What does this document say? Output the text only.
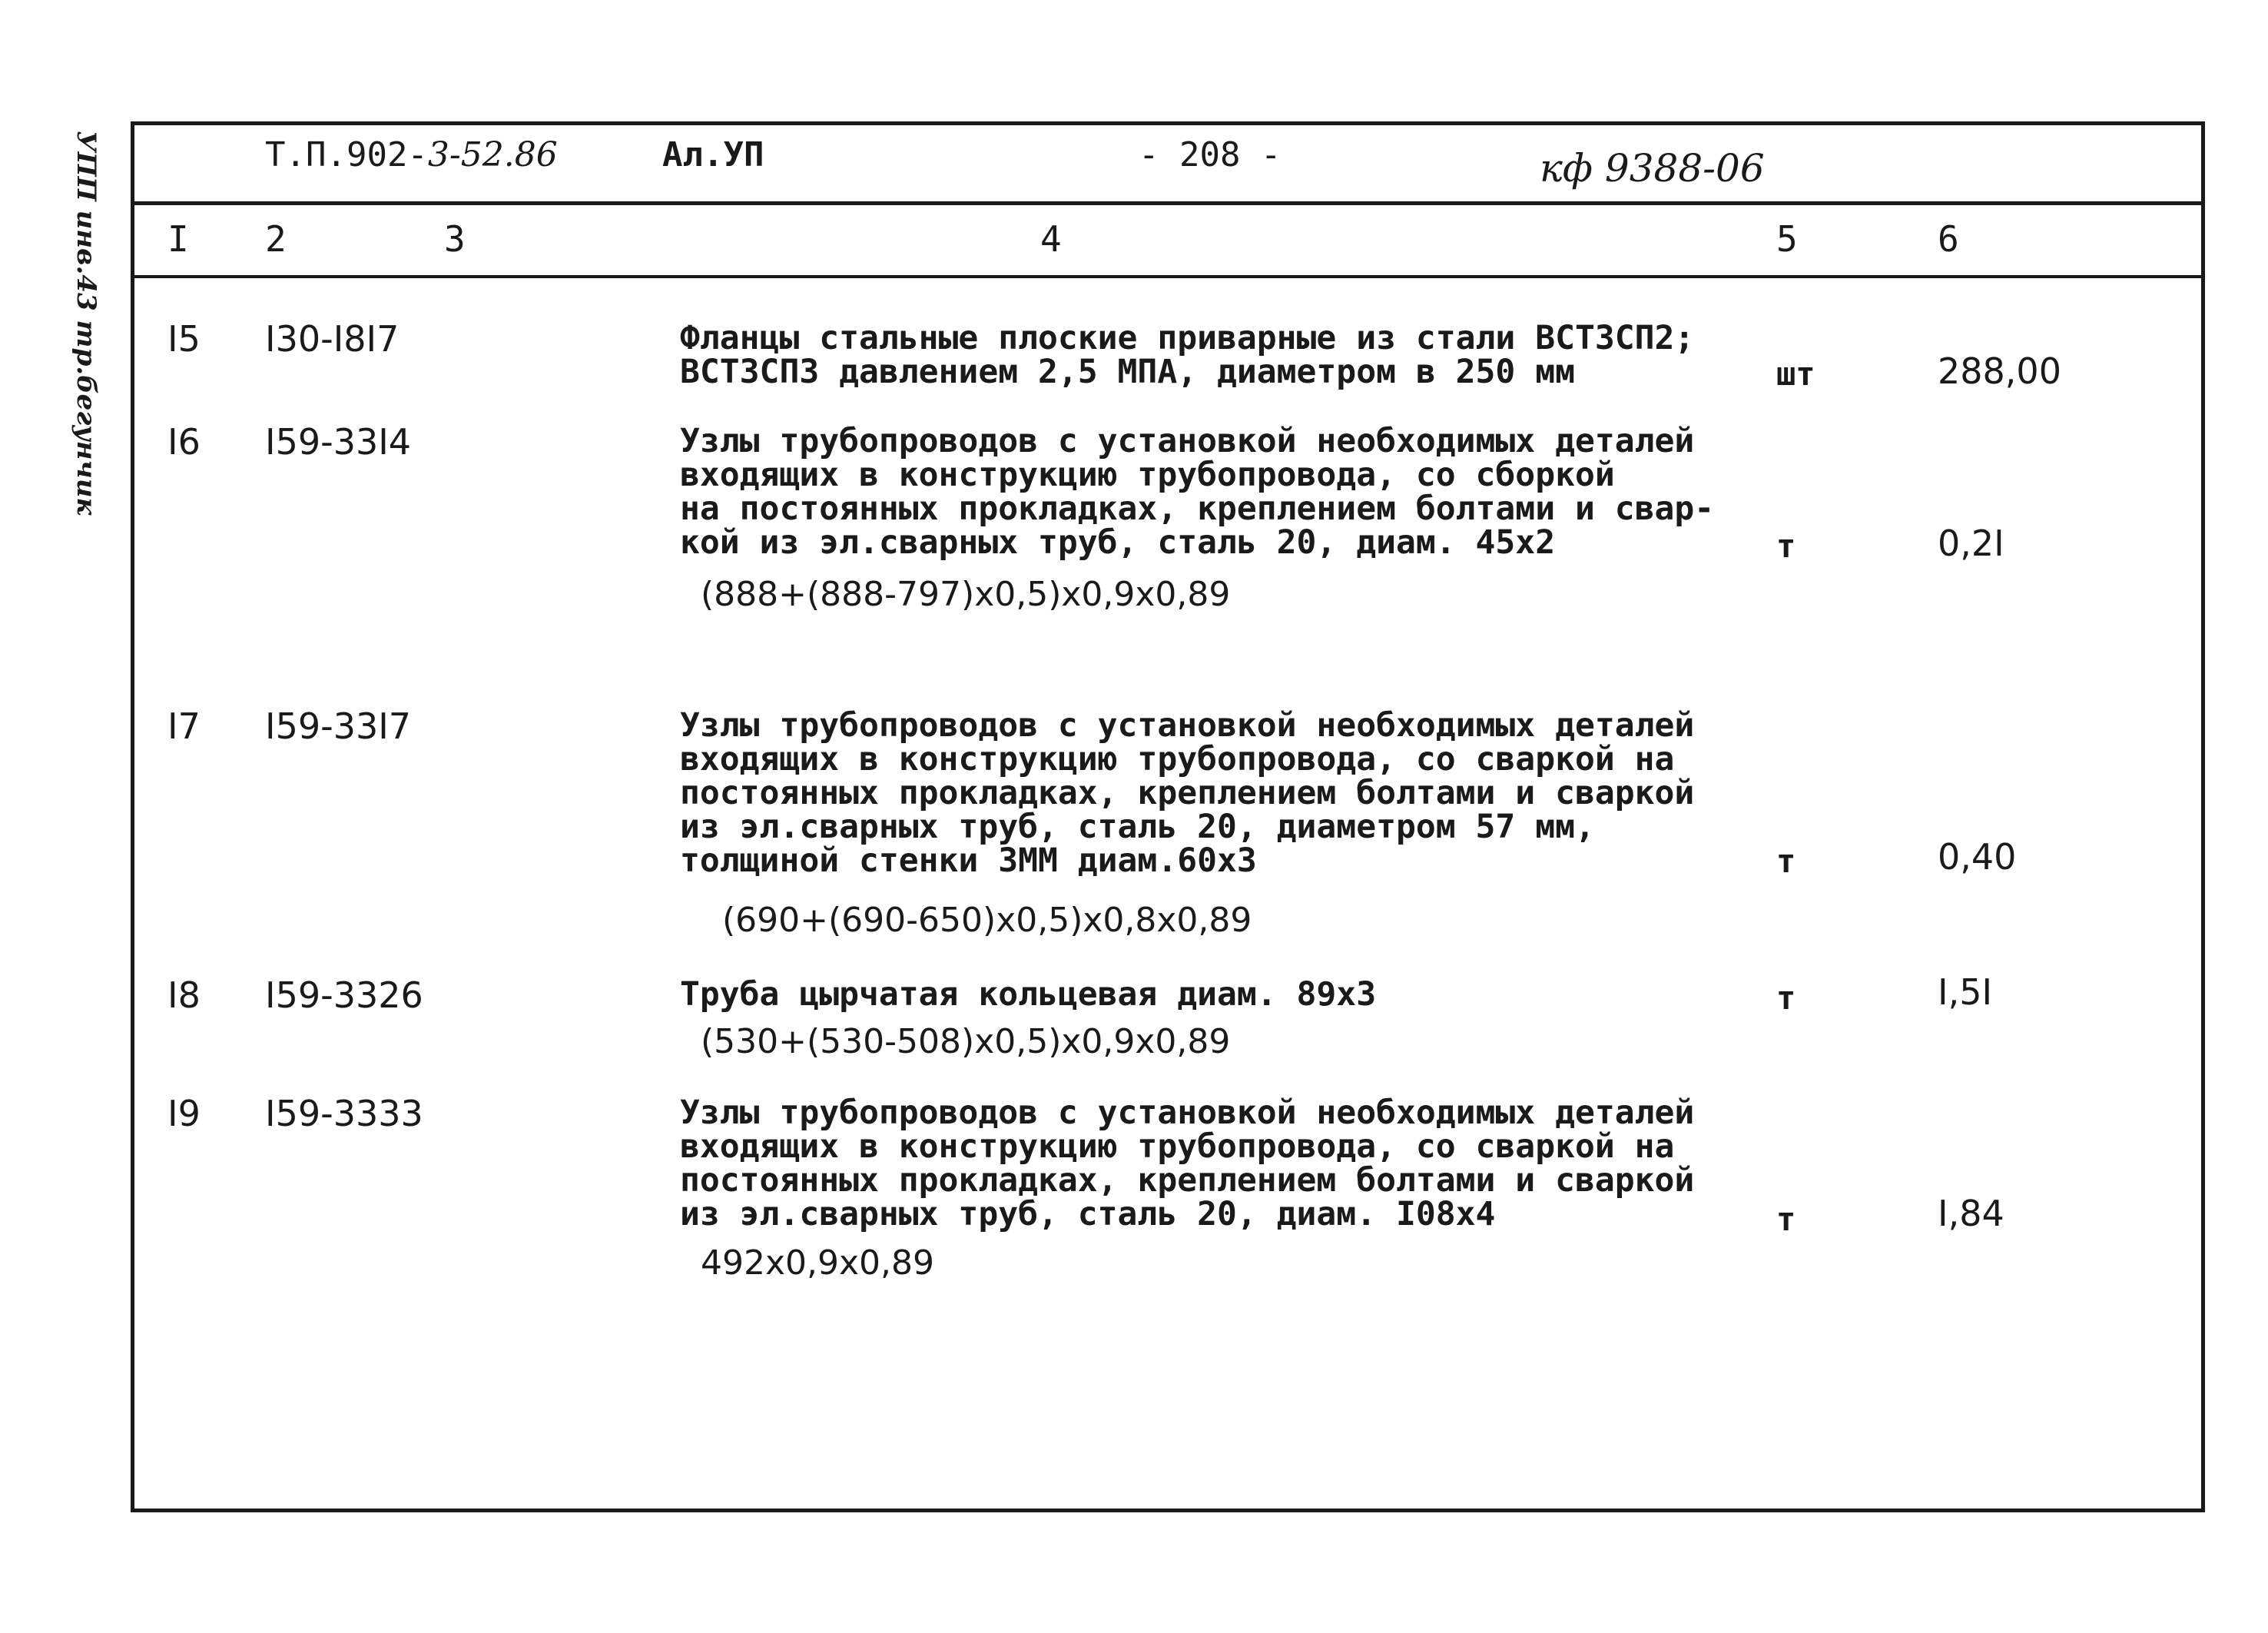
УПП инв.43 тр.бегунчик	Т.П.902-3-52.86	Ал.УП	- 208 -	кф 9388-06
I 2	3	4	5	6
I5 I30-I8I7	Фланцы стальные плоские приварные из стали ВСТ3СП2;
ВСТ3СП3 давлением 2,5 МПА, диаметром в 250 мм	шт	288,00
I6 I59-33I4	Узлы трубопроводов с установкой необходимых деталей
входящих в конструкцию трубопровода, со сборкой
на постоянных прокладках, креплением болтами и свар-
кой из эл.сварных труб, сталь 20, диам. 45х2
(888+(888-797)x0,5)x0,9x0,89
т	0,2I
I7 I59-33I7	Узлы трубопроводов с установкой необходимых деталей
входящих в конструкцию трубопровода, со сваркой на
постоянных прокладках, креплением болтами и сваркой
из эл.сварных труб, сталь 20, диаметром 57 мм,
толщиной стенки 3ММ диам.60х3
(690+(690-650)x0,5)x0,8x0,89
т	0,40
I8 I59-3326	Труба цырчатая кольцевая диам. 89х3
(530+(530-508)x0,5)x0,9x0,89
т	I,5I
I9 I59-3333	Узлы трубопроводов с установкой необходимых деталей
входящих в конструкцию трубопровода, со сваркой на
постоянных прокладках, креплением болтами и сваркой
из эл.сварных труб, сталь 20, диам. I08х4
492x0,9x0,89
т	I,84
